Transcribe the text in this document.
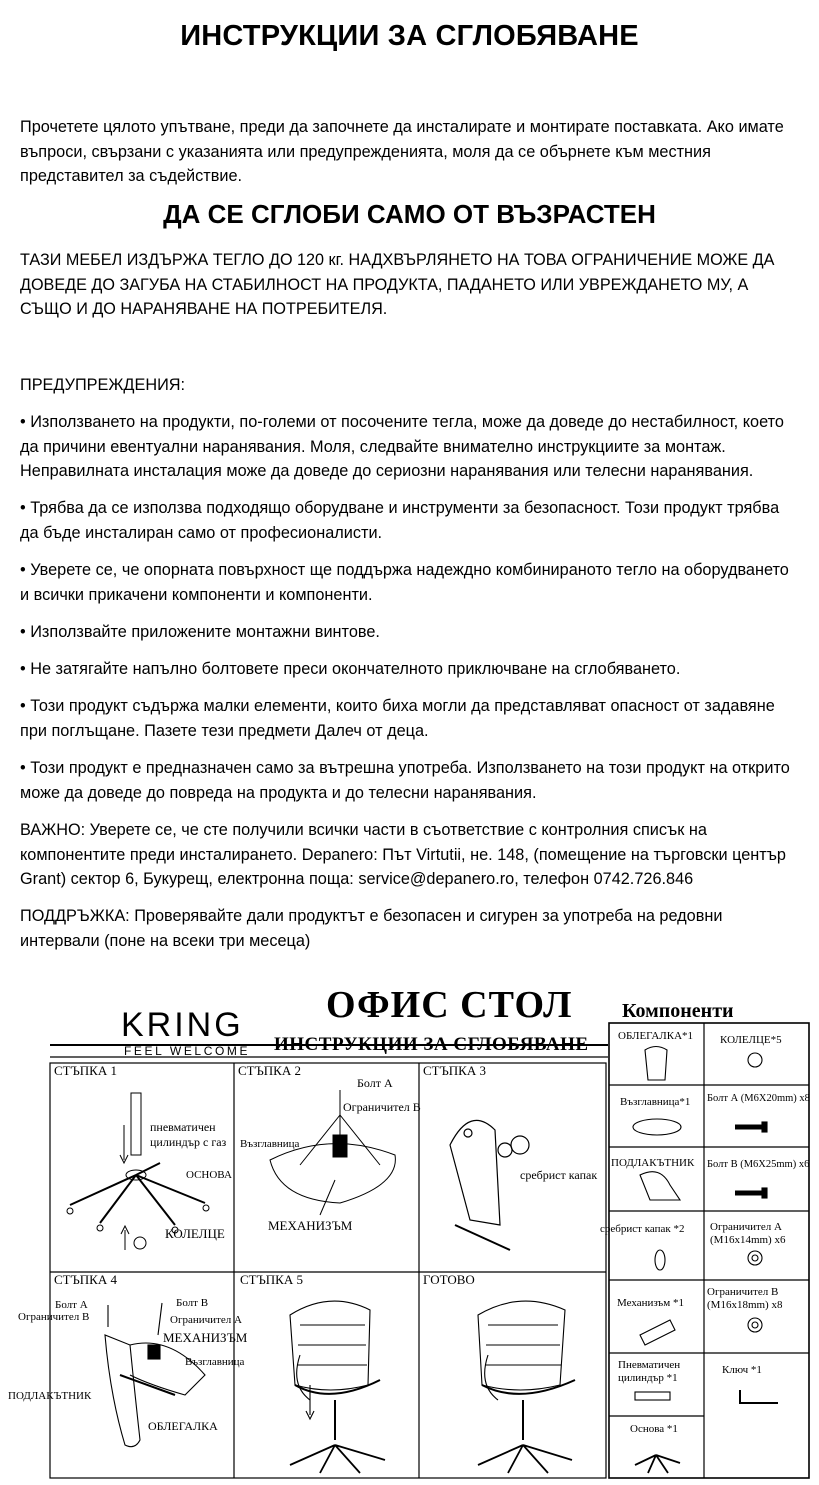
ИНСТРУКЦИИ ЗА СГЛОБЯВАНЕ

Прочетете цялото упътване, преди да започнете да инсталирате и монтирате поставката. Ако имате въпроси, свързани с указанията или предупрежденията, моля да се обърнете към местния представител за съдействие.

ДА СЕ СГЛОБИ САМО ОТ ВЪЗРАСТЕН

ТАЗИ МЕБЕЛ ИЗДЪРЖА ТЕГЛО ДО 120 кг. НАДХВЪРЛЯНЕТО НА ТОВА ОГРАНИЧЕНИЕ МОЖЕ ДА ДОВЕДЕ ДО ЗАГУБА НА СТАБИЛНОСТ НА ПРОДУКТА, ПАДАНЕТО ИЛИ УВРЕЖДАНЕТО МУ, А СЪЩО И ДО НАРАНЯВАНЕ НА ПОТРЕБИТЕЛЯ.

ПРЕДУПРЕЖДЕНИЯ:

• Използването на продукти, по-големи от посочените тегла, може да доведе до нестабилност, което да причини евентуални наранявания. Моля, следвайте внимателно инструкциите за монтаж. Неправилната инсталация може да доведе до сериозни наранявания или телесни наранявания.

• Трябва да се използва подходящо оборудване и инструменти за безопасност. Този продукт трябва да бъде инсталиран само от професионалисти.

• Уверете се, че опорната повърхност ще поддържа надеждно комбинираното тегло на оборудването и всички прикачени компоненти и компоненти.

• Използвайте приложените монтажни винтове.

• Не затягайте напълно болтовете преси окончателното приключване на сглобяването.

• Този продукт съдържа малки елементи, които биха могли да представляват опасност от задавяне при поглъщане. Пазете тези предмети Далеч от деца.

• Този продукт е предназначен само за вътрешна употреба. Използването на този продукт на открито може да доведе до повреда на продукта и до телесни наранявания.

ВАЖНО: Уверете се, че сте получили всички части в съответствие с контролния списък на компонентите преди инсталирането. Depanero: Път Virtutii, не. 148, (помещение на търговски център Grant) сектор 6, Букурещ, електронна поща: service@depanero.ro, телефон 0742.726.846

ПОДДРЪЖКА: Проверявайте дали продуктът е безопасен и сигурен за употреба на редовни интервали (поне на всеки три месеца)

KRING
FEEL WELCOME
ОФИС СТОЛ
ИНСТРУКЦИИ ЗА СГЛОБЯВАНЕ
Компоненти
СТЪПКА 1
пневматичен
цилиндър с газ
ОСНОВА
КОЛЕЛЦЕ
СТЪПКА 2
Болт А
Ограничител В
Възглавница
МЕХАНИЗЪМ
СТЪПКА 3
сребрист капак
СТЪПКА 4
Болт А
Ограничител В
Болт В
Ограничител А
МЕХАНИЗЪМ
Възглавница
ПОДЛАКЪТНИК
ОБЛЕГАЛКА
СТЪПКА 5	ГОТОВО
ОБЛЕГАЛКА*1 КОЛЕЛЦЕ*5
Възглавница*1 Болт А (M6X20mm) x8
ПОДЛАКЪТНИК Болт В (M6X25mm) x6
сребрист капак *2 Ограничител А
(M16x14mm) x6
Механизъм *1
Ограничител В
(M16x18mm) x8
Пневматичен
цилиндър *1
Ключ *1
Основа *1
